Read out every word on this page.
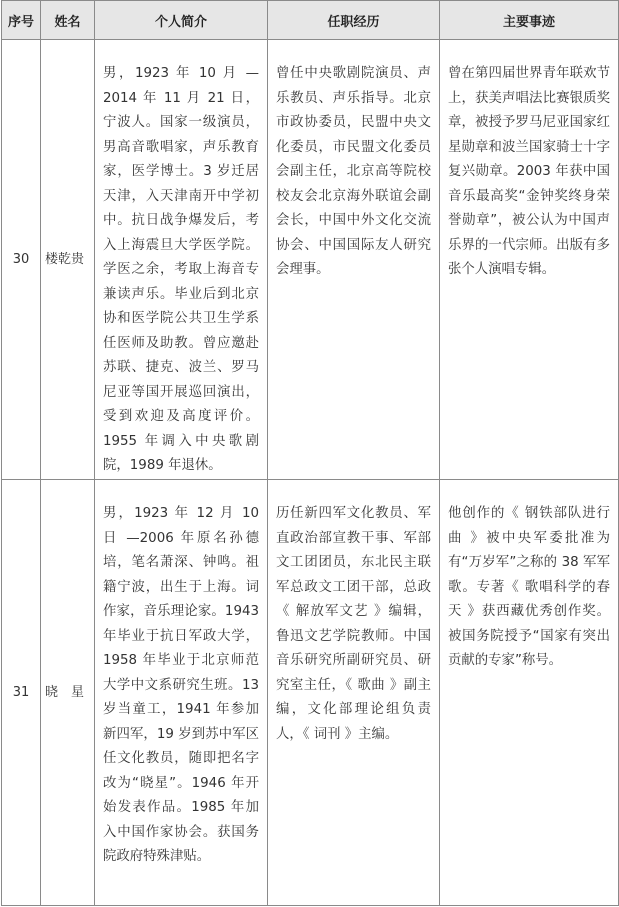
序号	姓名	个人简介	任职经历	主要事迹
30	楼乾贵	男，1923 年 10 月 —2014 年 11 月 21 日，宁波人。国家一级演员，男高音歌唱家，声乐教育家，医学博士。3 岁迁居天津，入天津南开中学初中。抗日战争爆发后，考入上海震旦大学医学院。学医之余，考取上海音专兼读声乐。毕业后到北京协和医学院公共卫生学系任医师及助教。曾应邀赴苏联、捷克、波兰、罗马尼亚等国开展巡回演出，受到欢迎及高度评价。1955 年调入中央歌剧院，1989 年退休。	曾任中央歌剧院演员、声乐教员、声乐指导。北京市政协委员，民盟中央文化委员，市民盟文化委员会副主任，北京高等院校校友会北京海外联谊会副会长，中国中外文化交流协会、中国国际友人研究会理事。	曾在第四届世界青年联欢节上，获美声唱法比赛银质奖章，被授予罗马尼亚国家红星勋章和波兰国家骑士十字复兴勋章。2003 年获中国音乐最高奖“金钟奖终身荣誉勋章”，被公认为中国声乐界的一代宗师。出版有多张个人演唱专辑。

31	晓　星	男，1923 年 12 月 10 日 —2006 年原名孙德培，笔名萧深、钟鸣。祖籍宁波，出生于上海。词作家，音乐理论家。1943 年毕业于抗日军政大学，1958 年毕业于北京师范大学中文系研究生班。13 岁当童工，1941 年参加新四军，19 岁到苏中军区任文化教员，随即把名字改为“晓星”。1946 年开始发表作品。1985 年加入中国作家协会。获国务院政府特殊津贴。	历任新四军文化教员、军直政治部宣教干事、军部文工团团员，东北民主联军总政文工团干部，总政《 解放军文艺 》编辑，鲁迅文艺学院教师。中国音乐研究所副研究员、研究室主任，《 歌曲 》副主编，文化部理论组负责人，《 词刊 》主编。	他创作的《 钢铁部队进行曲 》被中央军委批准为有“万岁军”之称的 38 军军歌。专著《 歌唱科学的春天 》获西藏优秀创作奖。被国务院授予“国家有突出贡献的专家”称号。
